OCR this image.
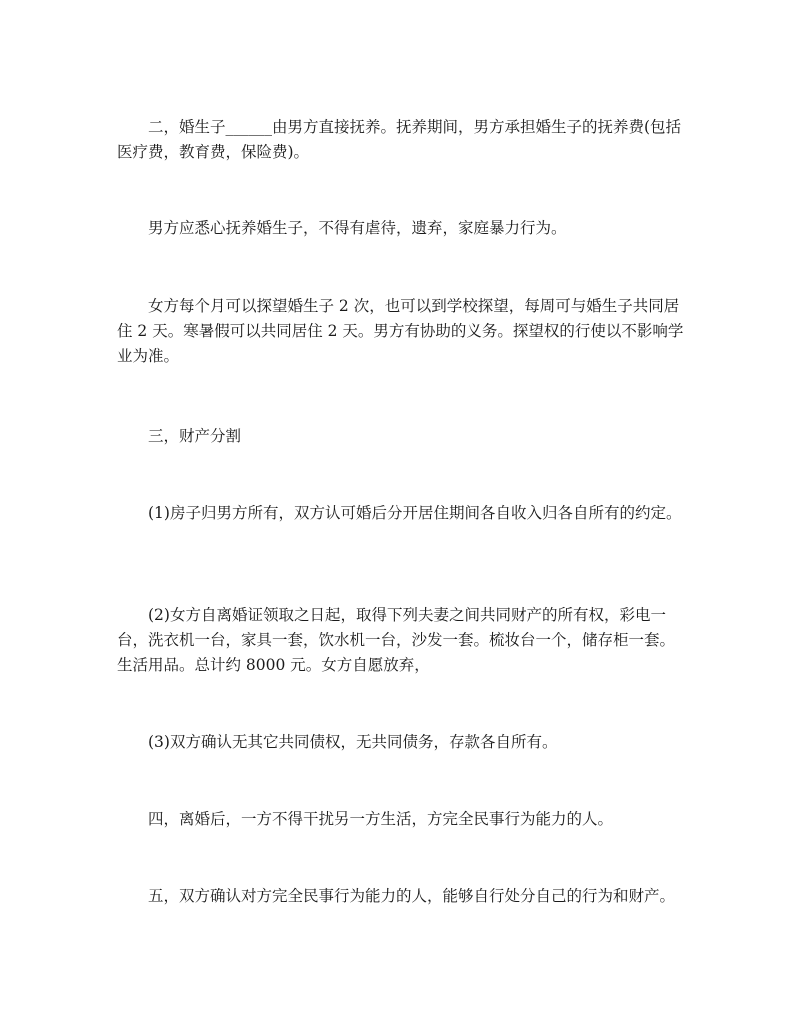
二，婚生子______由男方直接抚养。抚养期间，男方承担婚生子的抚养费(包括医疗费，教育费，保险费)。

男方应悉心抚养婚生子，不得有虐待，遗弃，家庭暴力行为。

女方每个月可以探望婚生子 2 次，也可以到学校探望，每周可与婚生子共同居住 2 天。寒暑假可以共同居住 2 天。男方有协助的义务。探望权的行使以不影响学业为准。

三，财产分割

(1)房子归男方所有，双方认可婚后分开居住期间各自收入归各自所有的约定。

(2)女方自离婚证领取之日起，取得下列夫妻之间共同财产的所有权，彩电一台，洗衣机一台，家具一套，饮水机一台，沙发一套。梳妆台一个，储存柜一套。生活用品。总计约 8000 元。女方自愿放弃，

(3)双方确认无其它共同债权，无共同债务，存款各自所有。

四，离婚后，一方不得干扰另一方生活，方完全民事行为能力的人。

五，双方确认对方完全民事行为能力的人，能够自行处分自己的行为和财产。
